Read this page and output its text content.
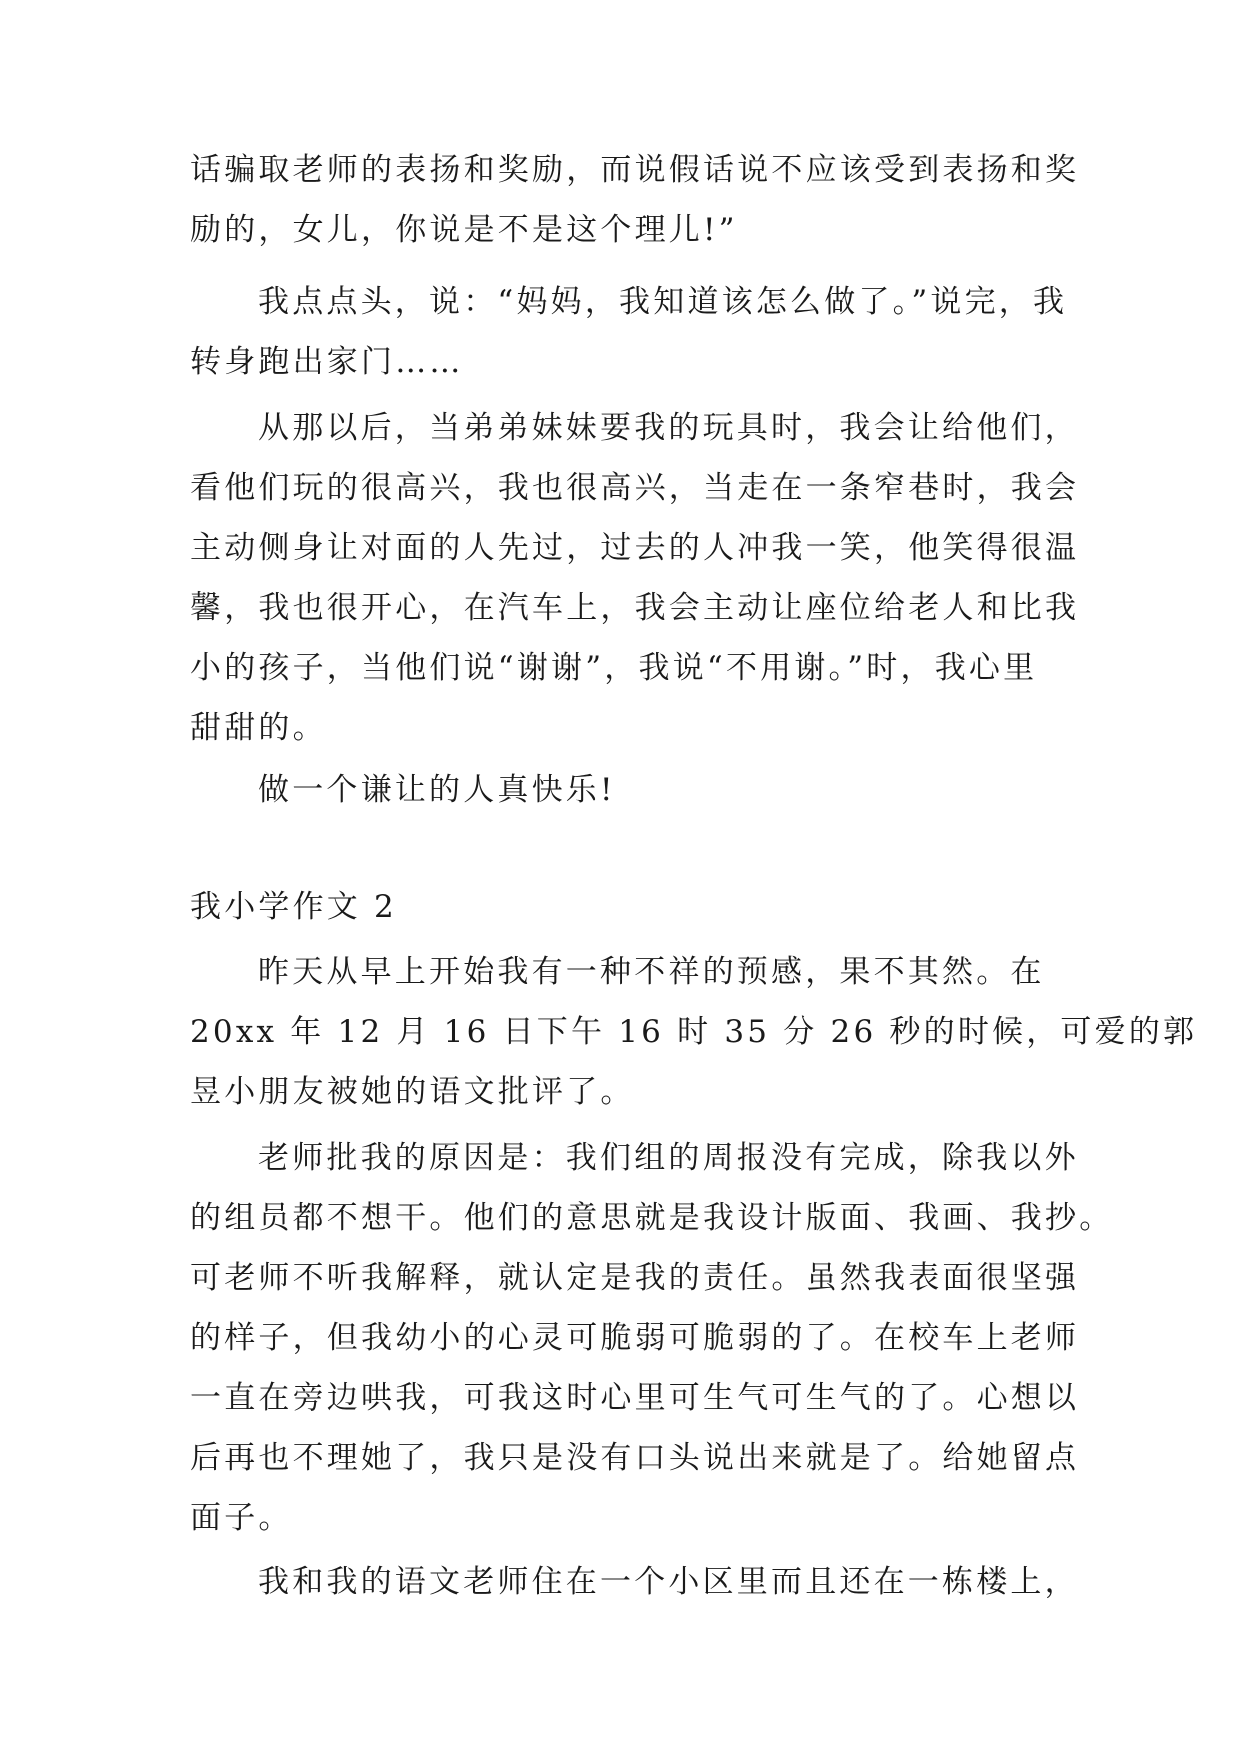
话骗取老师的表扬和奖励，而说假话说不应该受到表扬和奖
励的，女儿，你说是不是这个理儿!”
我点点头，说：“妈妈，我知道该怎么做了。”说完，我
转身跑出家门……
从那以后，当弟弟妹妹要我的玩具时，我会让给他们，
看他们玩的很高兴，我也很高兴，当走在一条窄巷时，我会
主动侧身让对面的人先过，过去的人冲我一笑，他笑得很温
馨，我也很开心，在汽车上，我会主动让座位给老人和比我
小的孩子，当他们说“谢谢”，我说“不用谢。”时，我心里
甜甜的。
做一个谦让的人真快乐!
我小学作文 2
昨天从早上开始我有一种不祥的预感，果不其然。在
20xx 年 12 月 16 日下午 16 时 35 分 26 秒的时候，可爱的郭
昱小朋友被她的语文批评了。
老师批我的原因是：我们组的周报没有完成，除我以外
的组员都不想干。他们的意思就是我设计版面、我画、我抄。
可老师不听我解释，就认定是我的责任。虽然我表面很坚强
的样子，但我幼小的心灵可脆弱可脆弱的了。在校车上老师
一直在旁边哄我，可我这时心里可生气可生气的了。心想以
后再也不理她了，我只是没有口头说出来就是了。给她留点
面子。
我和我的语文老师住在一个小区里而且还在一栋楼上，
